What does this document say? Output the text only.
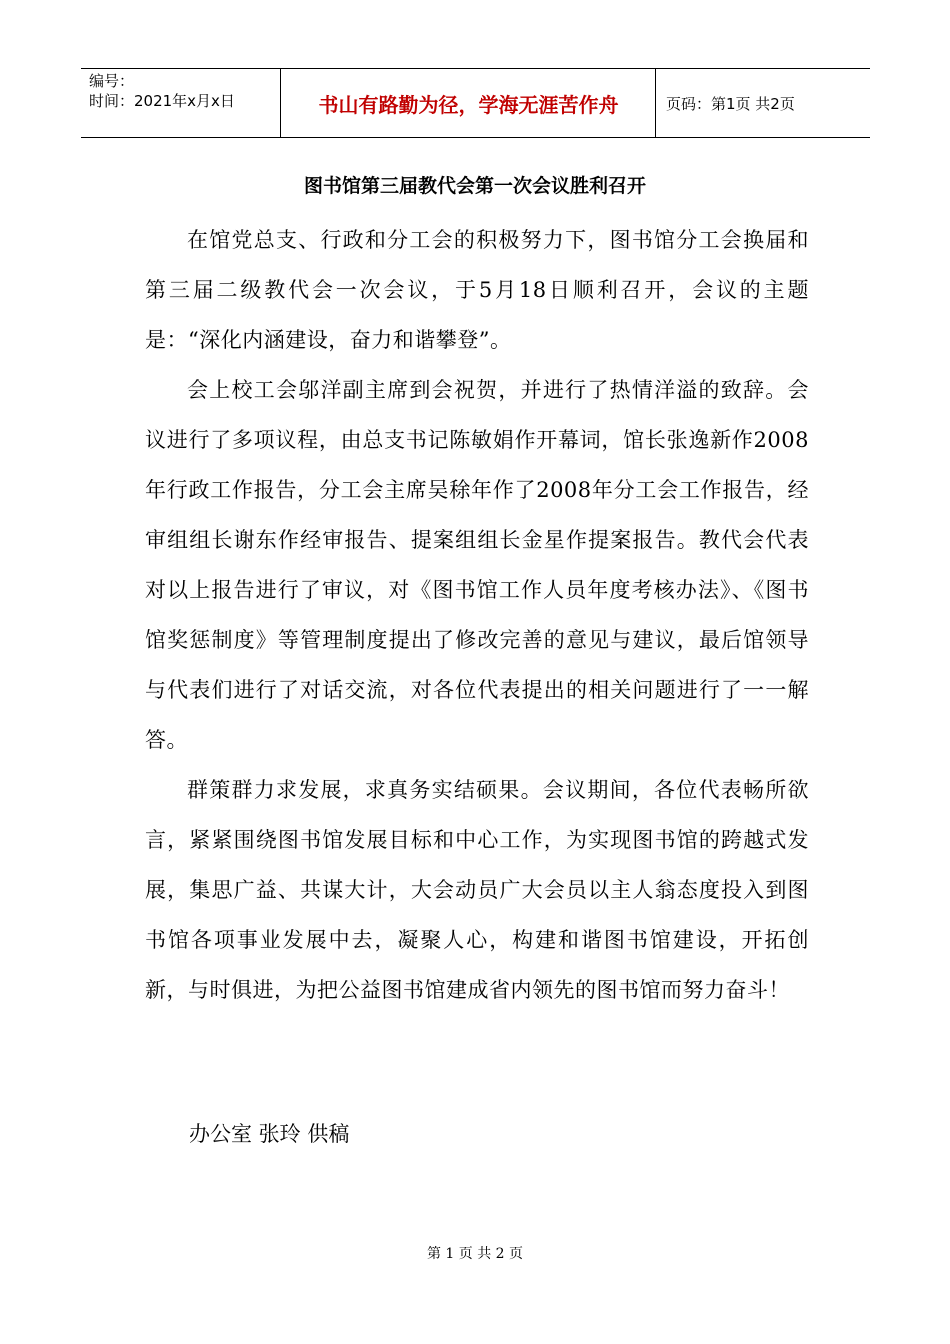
编号：
时间：2021年x月x日	书山有路勤为径，学海无涯苦作舟	页码：第1页 共2页
图书馆第三届教代会第一次会议胜利召开

在馆党总支、行政和分工会的积极努力下，图书馆分工会换届和第三届二级教代会一次会议，于5月18日顺利召开，会议的主题是：“深化内涵建设，奋力和谐攀登”。

会上校工会邬洋副主席到会祝贺，并进行了热情洋溢的致辞。会议进行了多项议程，由总支书记陈敏娟作开幕词，馆长张逸新作2008年行政工作报告，分工会主席吴稌年作了2008年分工会工作报告，经审组组长谢东作经审报告、提案组组长金星作提案报告。教代会代表对以上报告进行了审议，对《图书馆工作人员年度考核办法》、《图书馆奖惩制度》等管理制度提出了修改完善的意见与建议，最后馆领导与代表们进行了对话交流，对各位代表提出的相关问题进行了一一解答。

群策群力求发展，求真务实结硕果。会议期间，各位代表畅所欲言，紧紧围绕图书馆发展目标和中心工作，为实现图书馆的跨越式发展，集思广益、共谋大计，大会动员广大会员以主人翁态度投入到图书馆各项事业发展中去，凝聚人心，构建和谐图书馆建设，开拓创新，与时俱进，为把公益图书馆建成省内领先的图书馆而努力奋斗！

办公室 张玲 供稿
第 1 页 共 2 页
